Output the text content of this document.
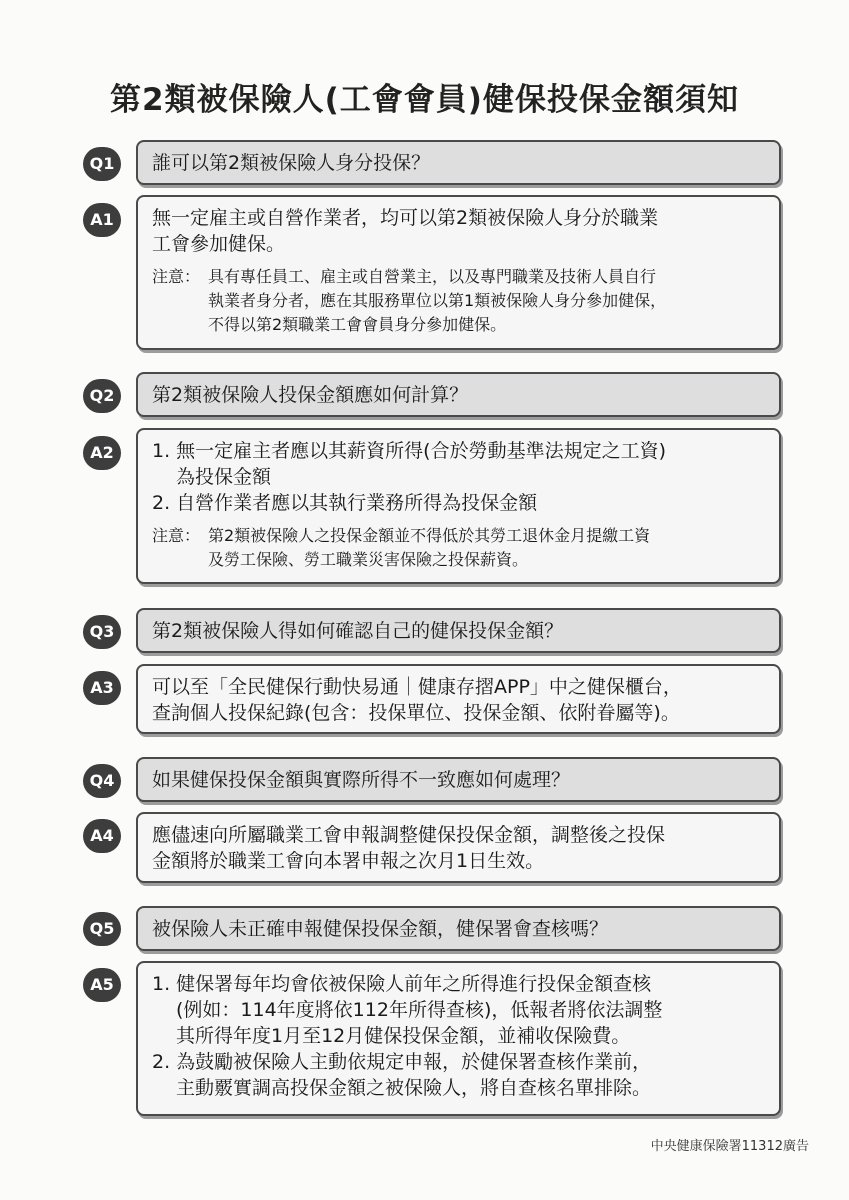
第2類被保險人(工會會員)健保投保金額須知
Q1	誰可以第2類被保險人身分投保？
A1	無一定雇主或自營作業者，均可以第2類被保險人身分於職業
工會參加健保。
注意： 具有專任員工、雇主或自營業主，以及專門職業及技術人員自行
執業者身分者，應在其服務單位以第1類被保險人身分參加健保，
不得以第2類職業工會會員身分參加健保。
Q2	第2類被保險人投保金額應如何計算？
A2	1. 無一定雇主者應以其薪資所得(合於勞動基準法規定之工資)
為投保金額
2. 自營作業者應以其執行業務所得為投保金額
注意： 第2類被保險人之投保金額並不得低於其勞工退休金月提繳工資
及勞工保險、勞工職業災害保險之投保薪資。
Q3	第2類被保險人得如何確認自己的健保投保金額？
A3	可以至「全民健保行動快易通｜健康存摺APP」中之健保櫃台，
查詢個人投保紀錄(包含：投保單位、投保金額、依附眷屬等)。
Q4	如果健保投保金額與實際所得不一致應如何處理？
A4	應儘速向所屬職業工會申報調整健保投保金額，調整後之投保
金額將於職業工會向本署申報之次月1日生效。
Q5	被保險人未正確申報健保投保金額，健保署會查核嗎？
A5	1. 健保署每年均會依被保險人前年之所得進行投保金額查核
(例如：114年度將依112年所得查核)，低報者將依法調整
其所得年度1月至12月健保投保金額，並補收保險費。
2. 為鼓勵被保險人主動依規定申報，於健保署查核作業前，
主動覈實調高投保金額之被保險人，將自查核名單排除。
中央健康保險署11312廣告
